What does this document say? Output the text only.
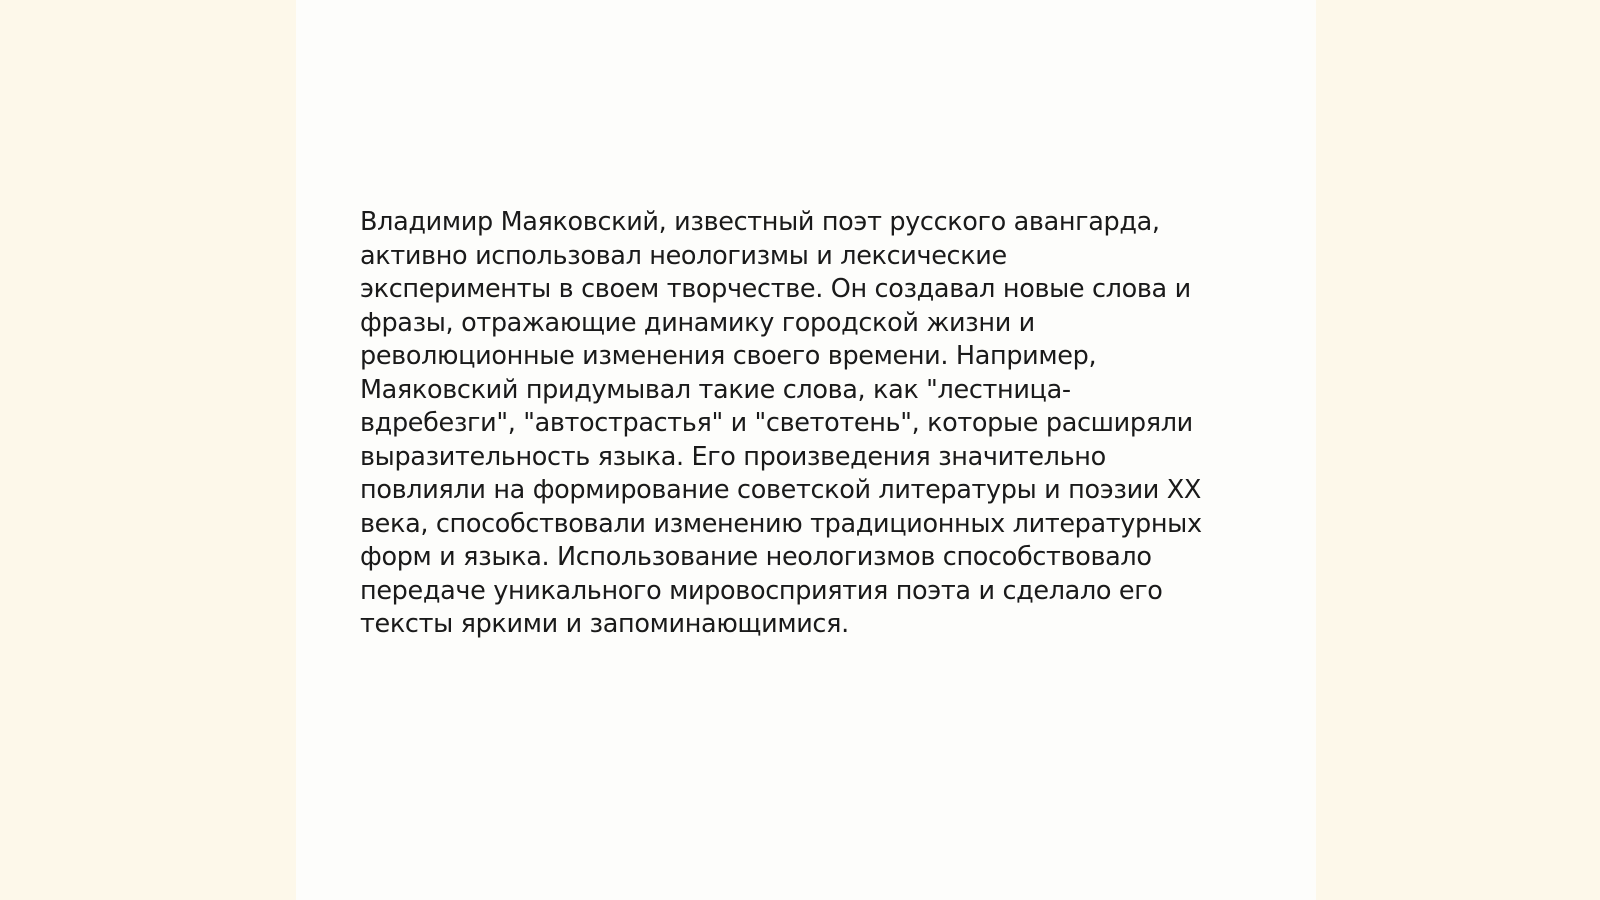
Владимир Маяковский, известный поэт русского авангарда,
активно использовал неологизмы и лексические
эксперименты в своем творчестве. Он создавал новые слова и
фразы, отражающие динамику городской жизни и
революционные изменения своего времени. Например,
Маяковский придумывал такие слова, как "лестница-
вдребезги", "автострастья" и "светотень", которые расширяли
выразительность языка. Его произведения значительно
повлияли на формирование советской литературы и поэзии XX
века, способствовали изменению традиционных литературных
форм и языка. Использование неологизмов способствовало
передаче уникального мировосприятия поэта и сделало его
тексты яркими и запоминающимися.
